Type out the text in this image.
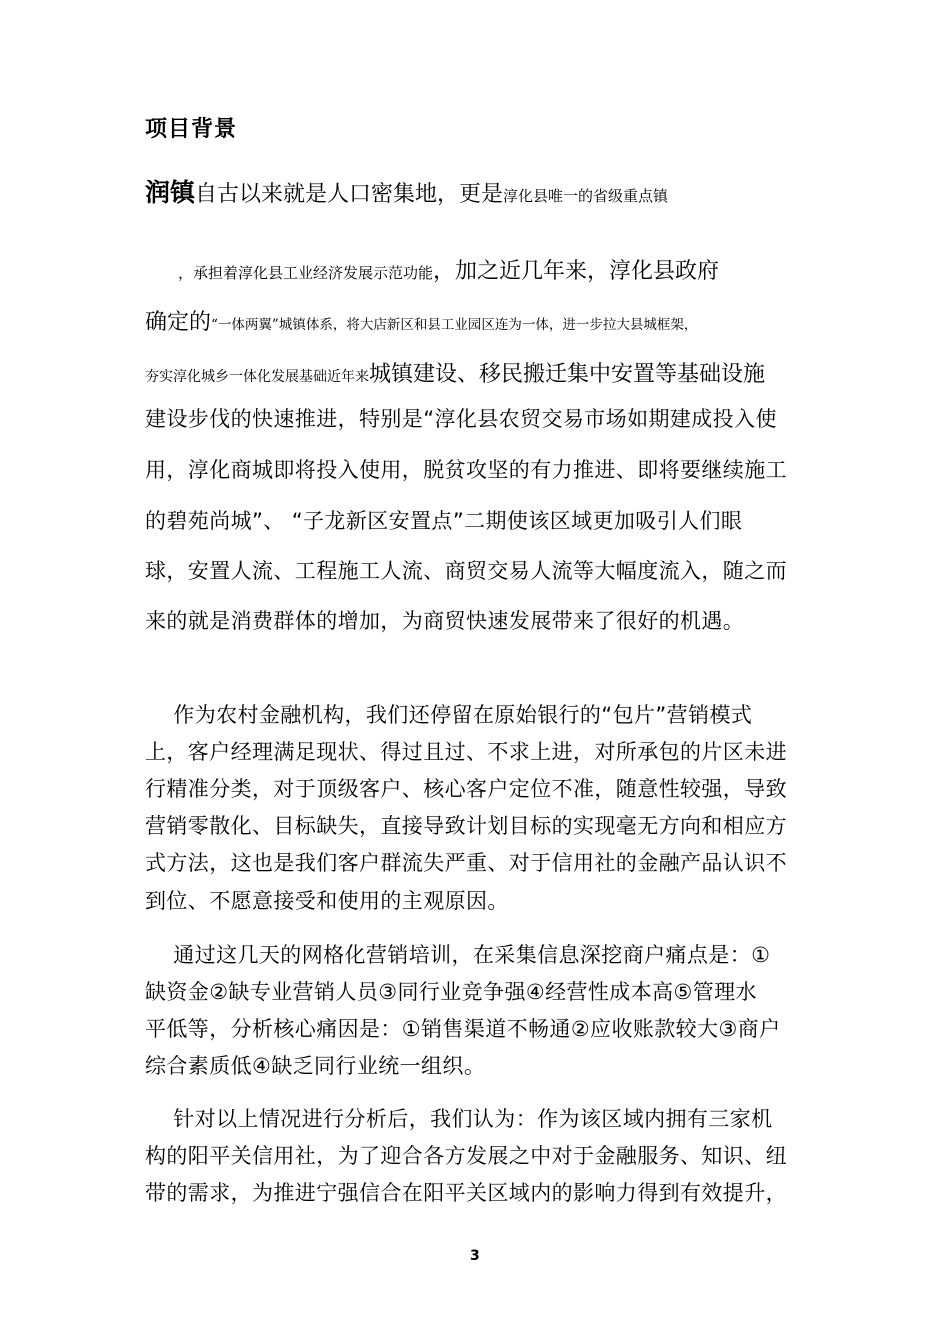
项目背景
润镇自古以来就是人口密集地，更是淳化县唯一的省级重点镇
，承担着淳化县工业经济发展示范功能，加之近几年来，淳化县政府
确定的“一体两翼”城镇体系，将大店新区和县工业园区连为一体，进一步拉大县城框架，
夯实淳化城乡一体化发展基础近年来城镇建设、移民搬迁集中安置等基础设施
建设步伐的快速推进，特别是“淳化县农贸交易市场如期建成投入使
用，淳化商城即将投入使用，脱贫攻坚的有力推进、即将要继续施工
的碧苑尚城”、 “子龙新区安置点”二期使该区域更加吸引人们眼
球，安置人流、工程施工人流、商贸交易人流等大幅度流入，随之而
来的就是消费群体的增加，为商贸快速发展带来了很好的机遇。
作为农村金融机构，我们还停留在原始银行的“包片”营销模式
上，客户经理满足现状、得过且过、不求上进，对所承包的片区未进
行精准分类，对于顶级客户、核心客户定位不准，随意性较强，导致
营销零散化、目标缺失，直接导致计划目标的实现毫无方向和相应方
式方法，这也是我们客户群流失严重、对于信用社的金融产品认识不
到位、不愿意接受和使用的主观原因。
通过这几天的网格化营销培训，在采集信息深挖商户痛点是：①
缺资金②缺专业营销人员③同行业竞争强④经营性成本高⑤管理水
平低等，分析核心痛因是：①销售渠道不畅通②应收账款较大③商户
综合素质低④缺乏同行业统一组织。
针对以上情况进行分析后，我们认为：作为该区域内拥有三家机
构的阳平关信用社，为了迎合各方发展之中对于金融服务、知识、纽
带的需求，为推进宁强信合在阳平关区域内的影响力得到有效提升，
3
